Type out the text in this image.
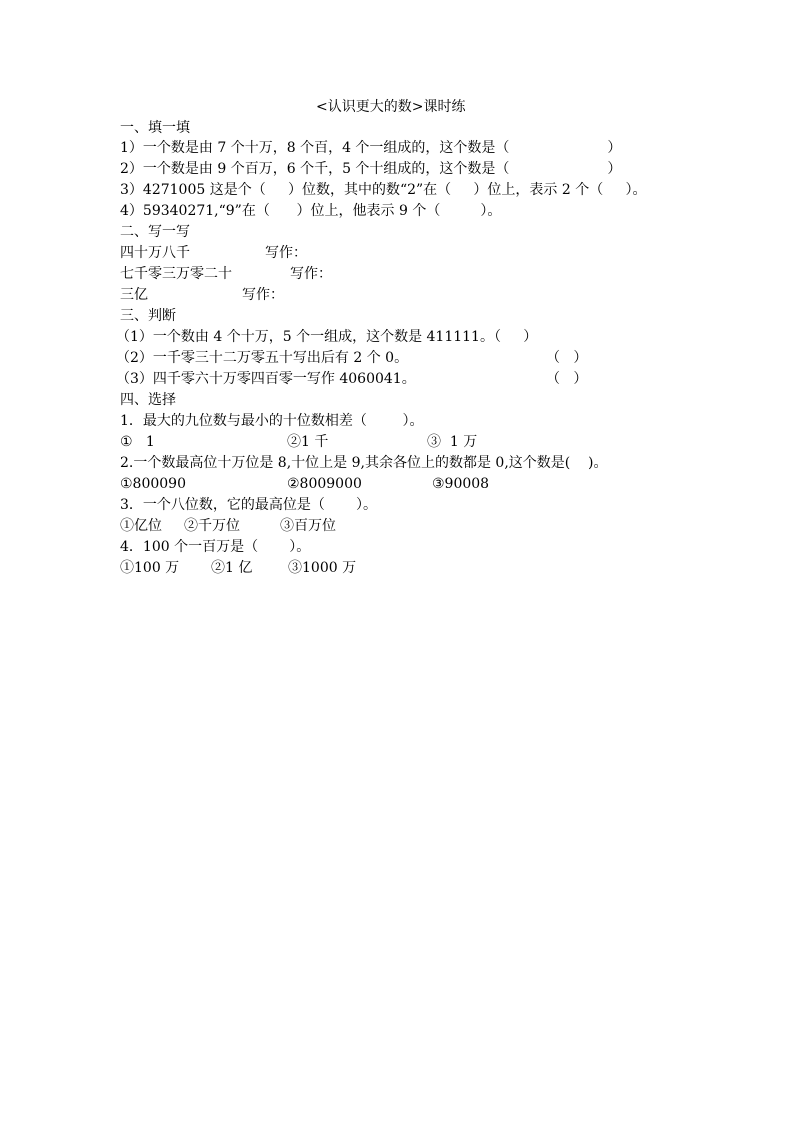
<认识更大的数>课时练
一、填一填
1）一个数是由 7 个十万，8 个百，4 个一组成的，这个数是（                      ）
2）一个数是由 9 个百万，6 个千，5 个十组成的，这个数是（                      ）
3）4271005 这是个（     ）位数，其中的数“2”在（     ）位上，表示 2 个（     ）。
4）59340271,“9”在（      ）位上，他表示 9 个（         ）。
二、写一写

四十万八千

	写作：

七千零三万零二十

	写作：

三亿

	写作：

三、判断
（1）一个数由 4 个十万，5 个一组成，这个数是 411111。（     ）

（2）一千零三十二万零五十写出后有 2 个 0。

	（   ）

（3）四千零六十万零四百零一写作 4060041。

	（   ）

四、选择
1．最大的九位数与最小的十位数相差（        ）。

①   1

	②1 千

	③  1 万

2.一个数最高位十万位是 8,十位上是 9,其余各位上的数都是 0,这个数是(    )。

①800090

	②8009000

	③90008

3．一个八位数，它的最高位是（       ）。

①亿位

②千万位

	③百万位

4．100 个一百万是（       ）。

①100 万

②1 亿

	③1000 万
